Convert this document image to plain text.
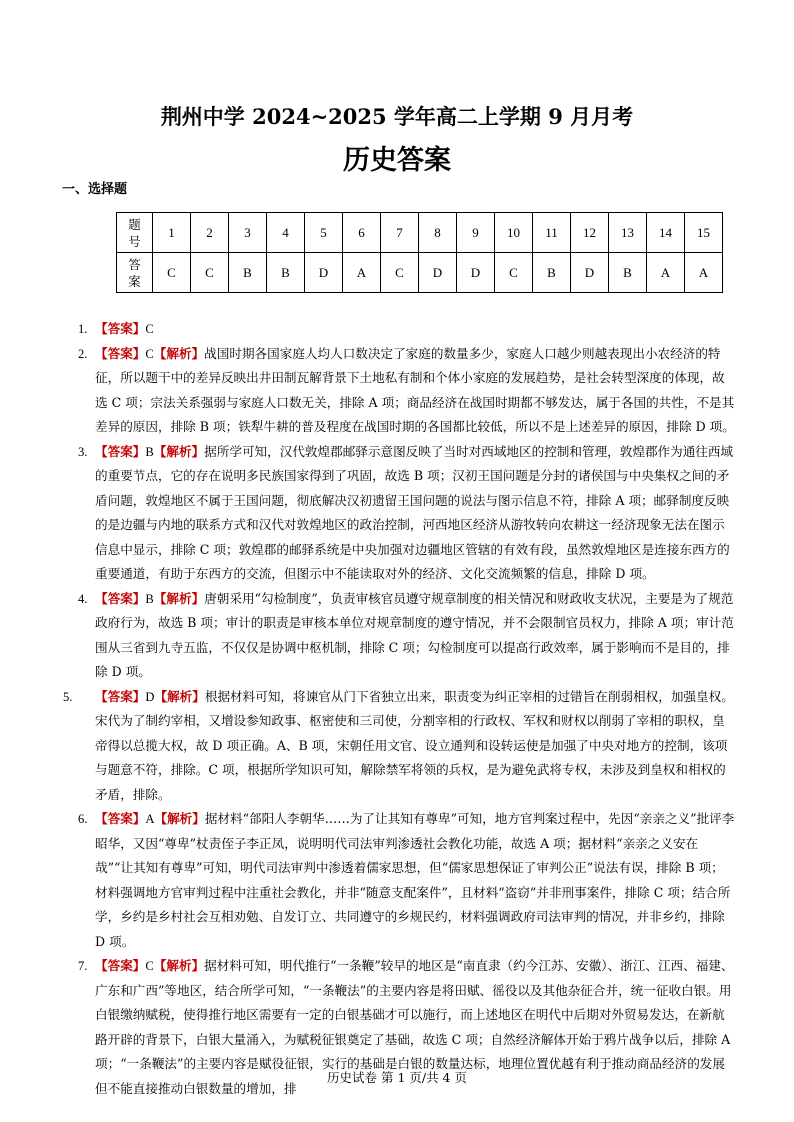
荆州中学 2024~2025 学年高二上学期 9 月月考
历史答案
一、选择题
题
号	1	2	3	4	5	6	7	8	9	10	11	12	13	14	15

答
案	C	C	B	B	D	A	C	D	D	C	B	D	B	A	A

1. 【答案】C

2. 【答案】C【解析】战国时期各国家庭人均人口数决定了家庭的数量多少，家庭人口越少则越表现出小农经济的特征，所以题干中的差异反映出井田制瓦解背景下土地私有制和个体小家庭的发展趋势，是社会转型深度的体现，故选 C 项；宗法关系强弱与家庭人口数无关，排除 A 项；商品经济在战国时期都不够发达，属于各国的共性，不是其差异的原因，排除 B 项；铁犁牛耕的普及程度在战国时期的各国都比较低，所以不是上述差异的原因，排除 D 项。

3. 【答案】B【解析】据所学可知，汉代敦煌郡邮驿示意图反映了当时对西域地区的控制和管理，敦煌郡作为通往西域的重要节点，它的存在说明多民族国家得到了巩固，故选 B 项；汉初王国问题是分封的诸侯国与中央集权之间的矛盾问题，敦煌地区不属于王国问题，彻底解决汉初遗留王国问题的说法与图示信息不符，排除 A 项；邮驿制度反映的是边疆与内地的联系方式和汉代对敦煌地区的政治控制，河西地区经济从游牧转向农耕这一经济现象无法在图示信息中显示，排除 C 项；敦煌郡的邮驿系统是中央加强对边疆地区管辖的有效有段，虽然敦煌地区是连接东西方的重要通道，有助于东西方的交流，但图示中不能读取对外的经济、文化交流频繁的信息，排除 D 项。

4. 【答案】B【解析】唐朝采用“勾检制度”，负责审核官员遵守规章制度的相关情况和财政收支状况，主要是为了规范政府行为，故选 B 项；审计的职责是审核本单位对规章制度的遵守情况，并不会限制官员权力，排除 A 项；审计范围从三省到九寺五监，不仅仅是协调中枢机制，排除 C 项；勾检制度可以提高行政效率，属于影响而不是目的，排除 D 项。

5. 【答案】D【解析】根据材料可知，将谏官从门下省独立出来，职责变为纠正宰相的过错旨在削弱相权，加强皇权。宋代为了制约宰相，又增设参知政事、枢密使和三司使，分割宰相的行政权、军权和财权以削弱了宰相的职权，皇帝得以总揽大权，故 D 项正确。A、B 项，宋朝任用文官、设立通判和设转运使是加强了中央对地方的控制，该项与题意不符，排除。C 项，根据所学知识可知，解除禁军将领的兵权，是为避免武将专权，未涉及到皇权和相权的矛盾，排除。

6. 【答案】A【解析】据材料“郃阳人李朝华……为了让其知有尊卑”可知，地方官判案过程中，先因“亲亲之义”批评李昭华，又因“尊卑”杖责侄子李正凤，说明明代司法审判渗透社会教化功能，故选 A 项；据材料“亲亲之义安在哉”“让其知有尊卑”可知，明代司法审判中渗透着儒家思想，但“儒家思想保证了审判公正”说法有误，排除 B 项；材料强调地方官审判过程中注重社会教化，并非“随意支配案件”，且材料“盗窃”并非刑事案件，排除 C 项；结合所学，乡约是乡村社会互相劝勉、自发订立、共同遵守的乡规民约，材料强调政府司法审判的情况，并非乡约，排除 D 项。

7. 【答案】C【解析】据材料可知，明代推行“一条鞭”较早的地区是“南直隶（约今江苏、安徽）、浙江、江西、福建、广东和广西”等地区，结合所学可知，“一条鞭法”的主要内容是将田赋、徭役以及其他杂征合并，统一征收白银。用白银缴纳赋税，使得推行地区需要有一定的白银基础才可以施行，而上述地区在明代中后期对外贸易发达，在新航路开辟的背景下，白银大量涌入，为赋税征银奠定了基础，故选 C 项；自然经济解体开始于鸦片战争以后，排除 A 项；“一条鞭法”的主要内容是赋役征银，实行的基础是白银的数量达标，地理位置优越有利于推动商品经济的发展但不能直接推动白银数量的增加，排

历史试卷 第 1 页/共 4 页
